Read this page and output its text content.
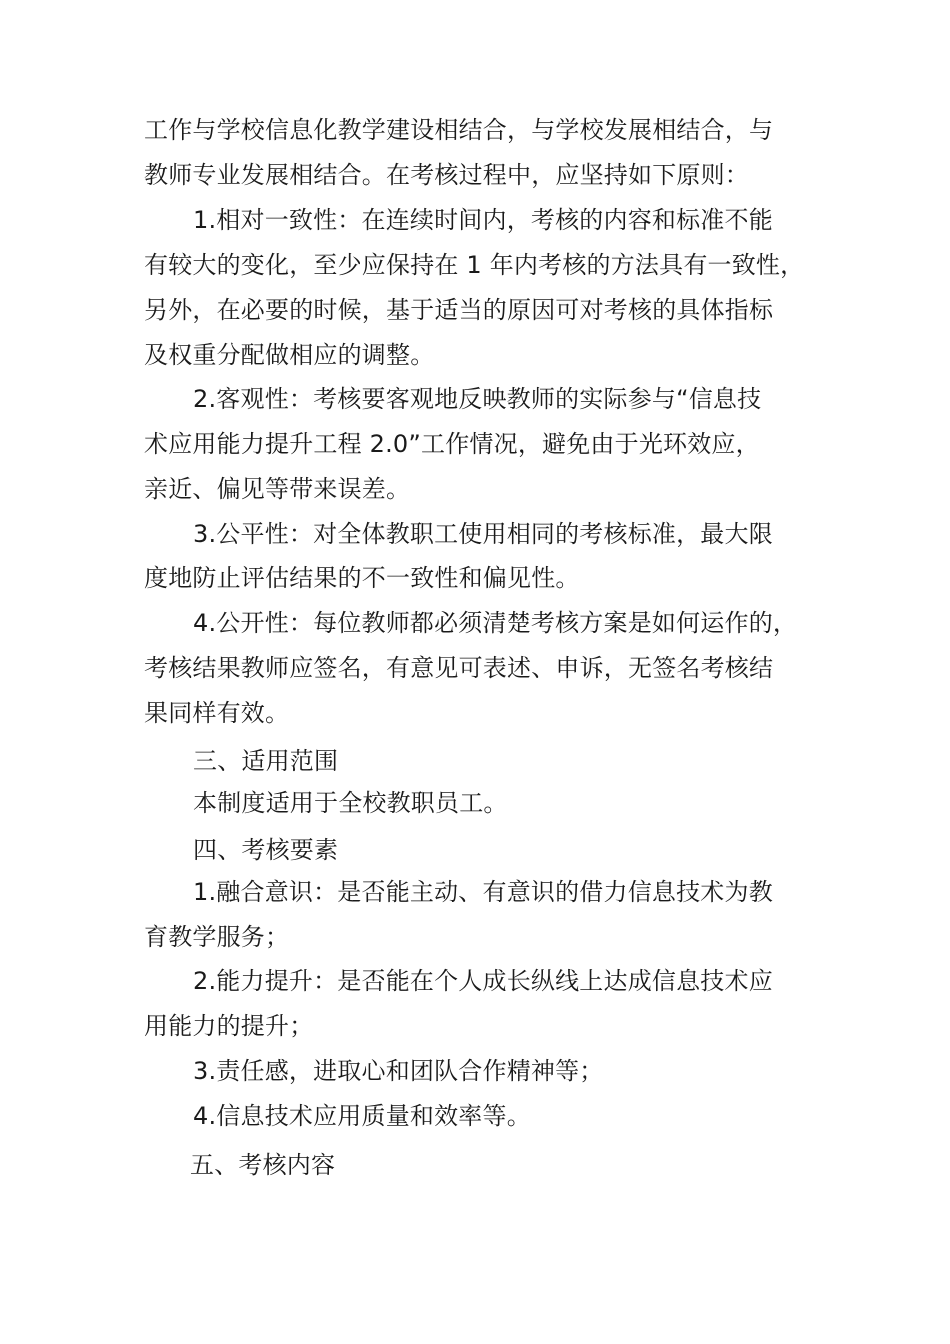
工作与学校信息化教学建设相结合，与学校发展相结合，与
教师专业发展相结合。在考核过程中，应坚持如下原则：
1.相对一致性：在连续时间内，考核的内容和标准不能
有较大的变化，至少应保持在 1 年内考核的方法具有一致性，
另外，在必要的时候，基于适当的原因可对考核的具体指标
及权重分配做相应的调整。
2.客观性：考核要客观地反映教师的实际参与“信息技
术应用能力提升工程 2.0”工作情况，避免由于光环效应，
亲近、偏见等带来误差。
3.公平性：对全体教职工使用相同的考核标准，最大限
度地防止评估结果的不一致性和偏见性。
4.公开性：每位教师都必须清楚考核方案是如何运作的，
考核结果教师应签名，有意见可表述、申诉，无签名考核结
果同样有效。
三、适用范围
本制度适用于全校教职员工。
四、考核要素
1.融合意识：是否能主动、有意识的借力信息技术为教
育教学服务；
2.能力提升：是否能在个人成长纵线上达成信息技术应
用能力的提升；
3.责任感，进取心和团队合作精神等；
4.信息技术应用质量和效率等。
五、考核内容
